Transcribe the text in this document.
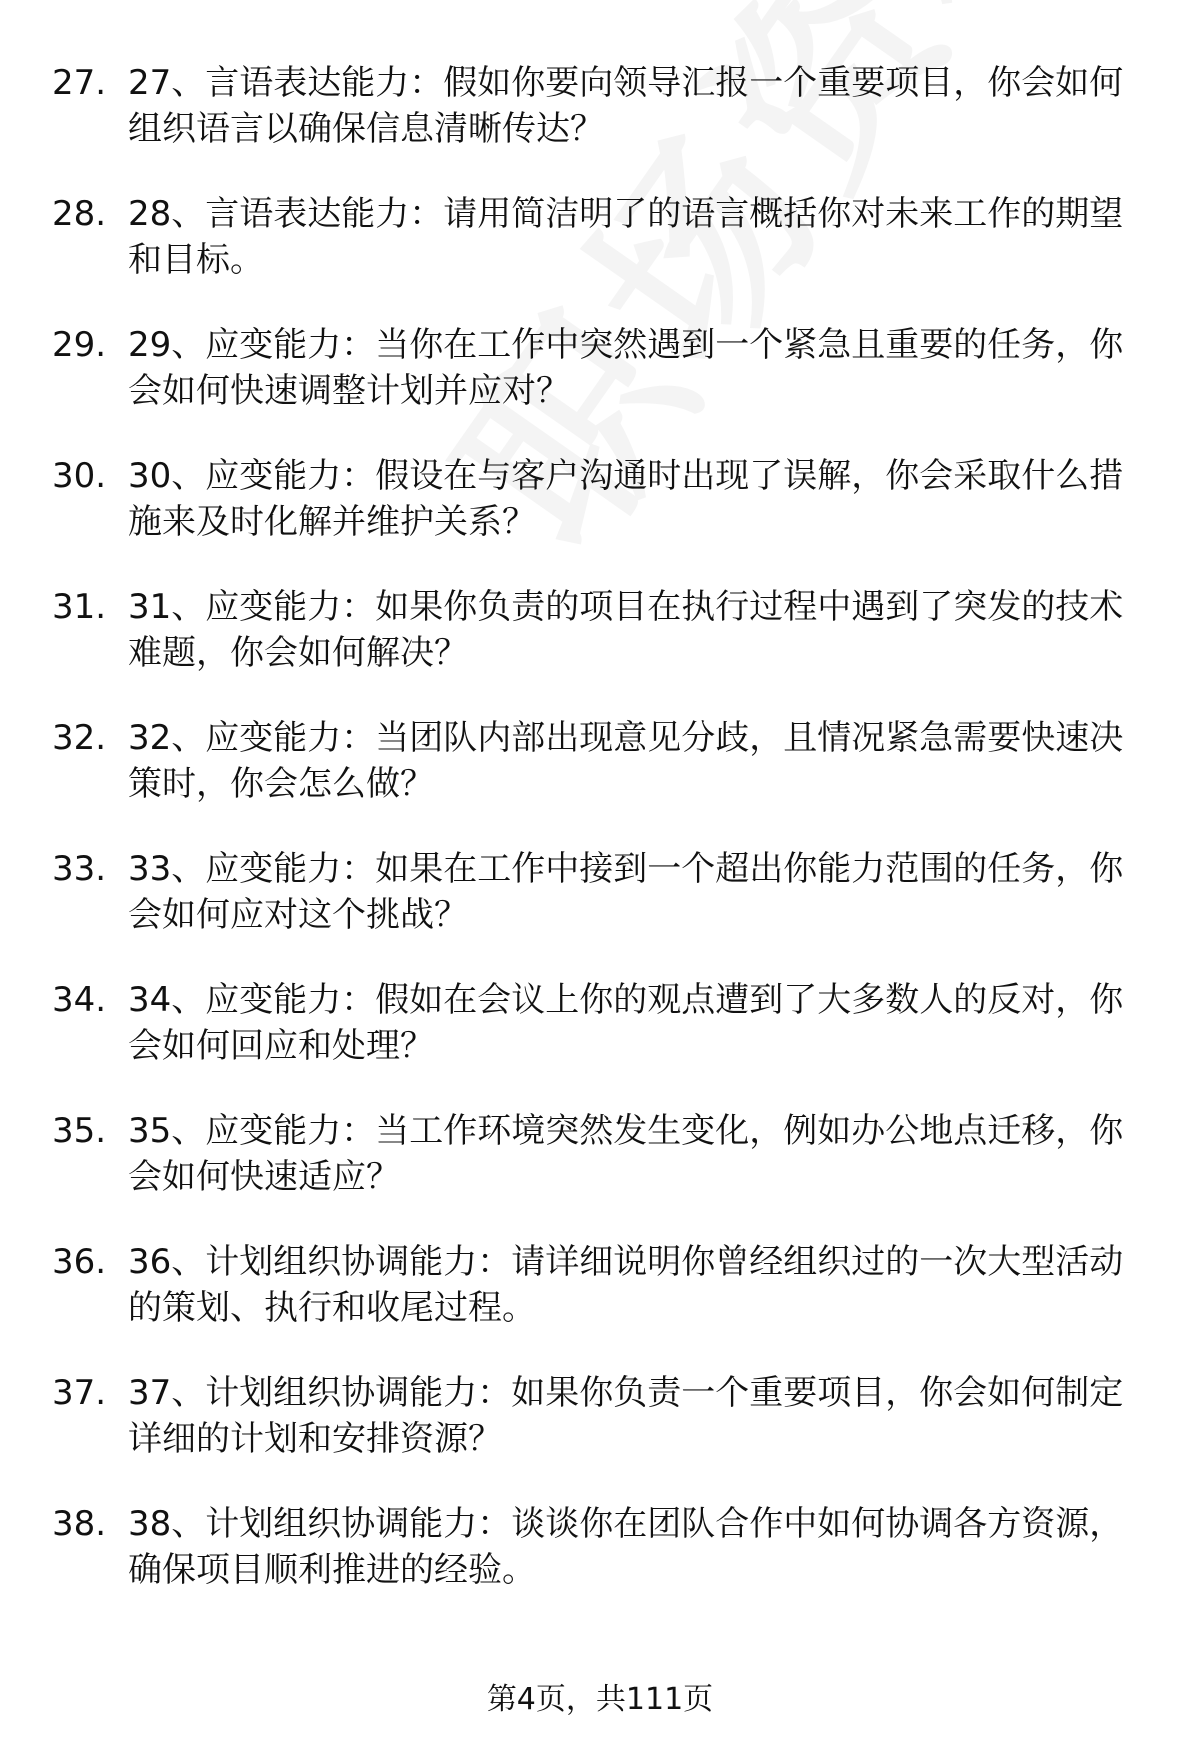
27. 27、言语表达能力：假如你要向领导汇报一个重要项目，你会如何组织语言以确保信息清晰传达？
28. 28、言语表达能力：请用简洁明了的语言概括你对未来工作的期望和目标。
29. 29、应变能力：当你在工作中突然遇到一个紧急且重要的任务，你会如何快速调整计划并应对？
30. 30、应变能力：假设在与客户沟通时出现了误解，你会采取什么措施来及时化解并维护关系？
31. 31、应变能力：如果你负责的项目在执行过程中遇到了突发的技术难题，你会如何解决？
32. 32、应变能力：当团队内部出现意见分歧，且情况紧急需要快速决策时，你会怎么做？
33. 33、应变能力：如果在工作中接到一个超出你能力范围的任务，你会如何应对这个挑战？
34. 34、应变能力：假如在会议上你的观点遭到了大多数人的反对，你会如何回应和处理？
35. 35、应变能力：当工作环境突然发生变化，例如办公地点迁移，你会如何快速适应？
36. 36、计划组织协调能力：请详细说明你曾经组织过的一次大型活动的策划、执行和收尾过程。
37. 37、计划组织协调能力：如果你负责一个重要项目，你会如何制定详细的计划和安排资源？
38. 38、计划组织协调能力：谈谈你在团队合作中如何协调各方资源，确保项目顺利推进的经验。
第4页，共111页
